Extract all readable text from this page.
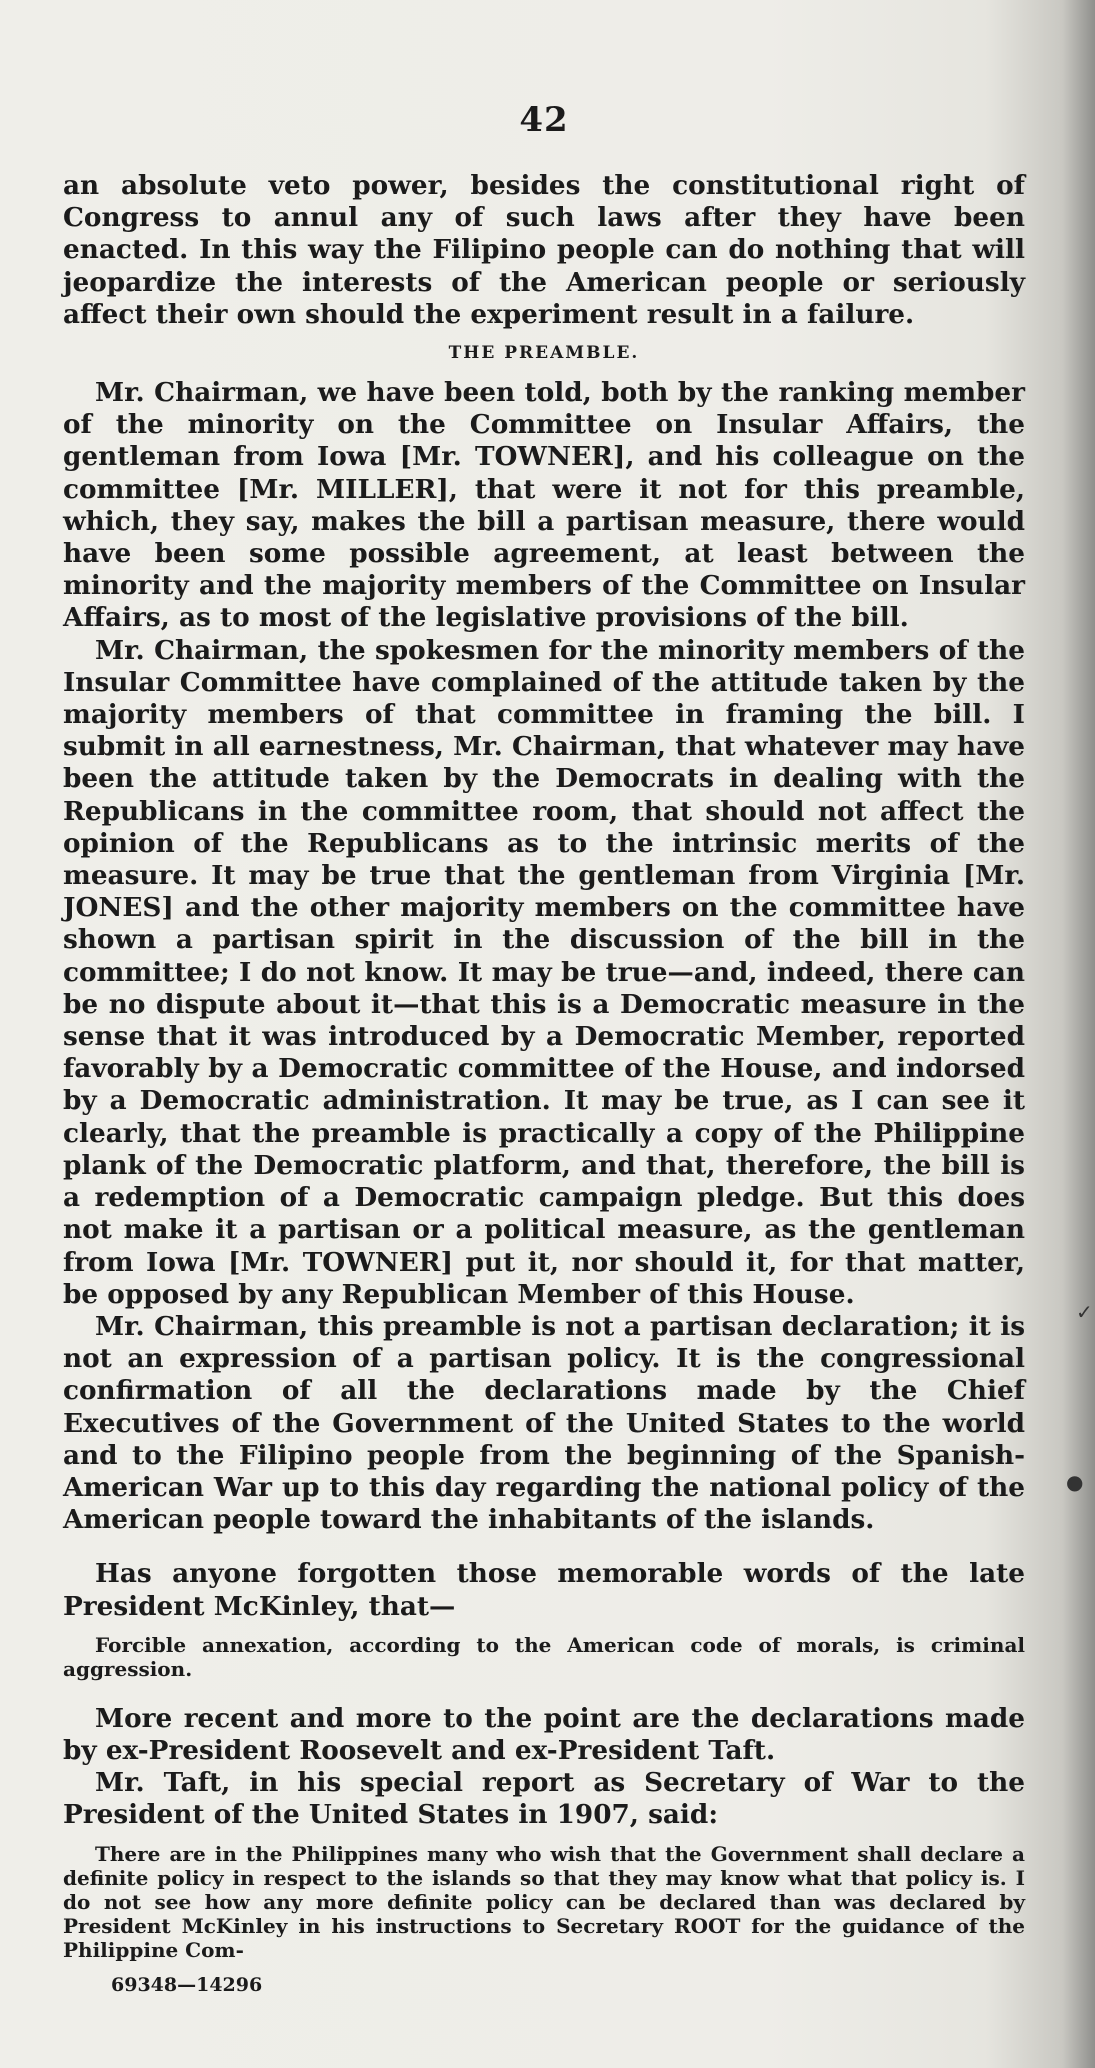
42

an absolute veto power, besides the constitutional right of Congress to annul any of such laws after they have been enacted. In this way the Filipino people can do nothing that will jeopardize the interests of the American people or seriously affect their own should the experiment result in a failure.

THE PREAMBLE.

Mr. Chairman, we have been told, both by the ranking member of the minority on the Committee on Insular Affairs, the gentleman from Iowa [Mr. TOWNER], and his colleague on the committee [Mr. MILLER], that were it not for this preamble, which, they say, makes the bill a partisan measure, there would have been some possible agreement, at least between the minority and the majority members of the Committee on Insular Affairs, as to most of the legislative provisions of the bill.

Mr. Chairman, the spokesmen for the minority members of the Insular Committee have complained of the attitude taken by the majority members of that committee in framing the bill. I submit in all earnestness, Mr. Chairman, that whatever may have been the attitude taken by the Democrats in dealing with the Republicans in the committee room, that should not affect the opinion of the Republicans as to the intrinsic merits of the measure. It may be true that the gentleman from Virginia [Mr. JONES] and the other majority members on the committee have shown a partisan spirit in the discussion of the bill in the committee; I do not know. It may be true—and, indeed, there can be no dispute about it—that this is a Democratic measure in the sense that it was introduced by a Democratic Member, reported favorably by a Democratic committee of the House, and indorsed by a Democratic administration. It may be true, as I can see it clearly, that the preamble is practically a copy of the Philippine plank of the Democratic platform, and that, therefore, the bill is a redemption of a Democratic campaign pledge. But this does not make it a partisan or a political measure, as the gentleman from Iowa [Mr. TOWNER] put it, nor should it, for that matter, be opposed by any Republican Member of this House.

Mr. Chairman, this preamble is not a partisan declaration; it is not an expression of a partisan policy. It is the congressional confirmation of all the declarations made by the Chief Executives of the Government of the United States to the world and to the Filipino people from the beginning of the Spanish-American War up to this day regarding the national policy of the American people toward the inhabitants of the islands.

Has anyone forgotten those memorable words of the late President McKinley, that—

Forcible annexation, according to the American code of morals, is criminal aggression.

More recent and more to the point are the declarations made by ex-President Roosevelt and ex-President Taft.

Mr. Taft, in his special report as Secretary of War to the President of the United States in 1907, said:

There are in the Philippines many who wish that the Government shall declare a definite policy in respect to the islands so that they may know what that policy is. I do not see how any more definite policy can be declared than was declared by President McKinley in his instructions to Secretary ROOT for the guidance of the Philippine Com-

69348—14296
✓
●
